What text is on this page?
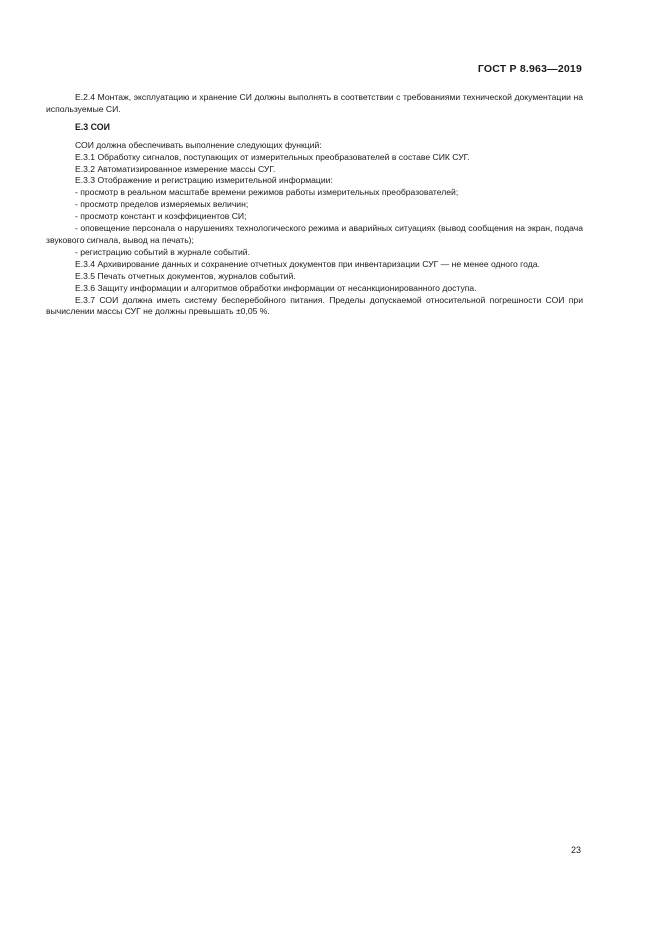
ГОСТ Р 8.963—2019

Е.2.4 Монтаж, эксплуатацию и хранение СИ должны выполнять в соответствии с требованиями технической документации на используемые СИ.

Е.3 СОИ

СОИ должна обеспечивать выполнение следующих функций:

Е.3.1 Обработку сигналов, поступающих от измерительных преобразователей в составе СИК СУГ.

Е.3.2 Автоматизированное измерение массы СУГ.

Е.3.3 Отображение и регистрацию измерительной информации:

- просмотр в реальном масштабе времени режимов работы измерительных преобразователей;

- просмотр пределов измеряемых величин;

- просмотр констант и коэффициентов СИ;

- оповещение персонала о нарушениях технологического режима и аварийных ситуациях (вывод сообщения на экран, подача звукового сигнала, вывод на печать);

- регистрацию событий в журнале событий.

Е.3.4 Архивирование данных и сохранение отчетных документов при инвентаризации СУГ — не менее одного года.

Е.3.5 Печать отчетных документов, журналов событий.

Е.3.6 Защиту информации и алгоритмов обработки информации от несанкционированного доступа.

Е.3.7 СОИ должна иметь систему бесперебойного питания. Пределы допускаемой относительной погрешности СОИ при вычислении массы СУГ не должны превышать ±0,05 %.

23
